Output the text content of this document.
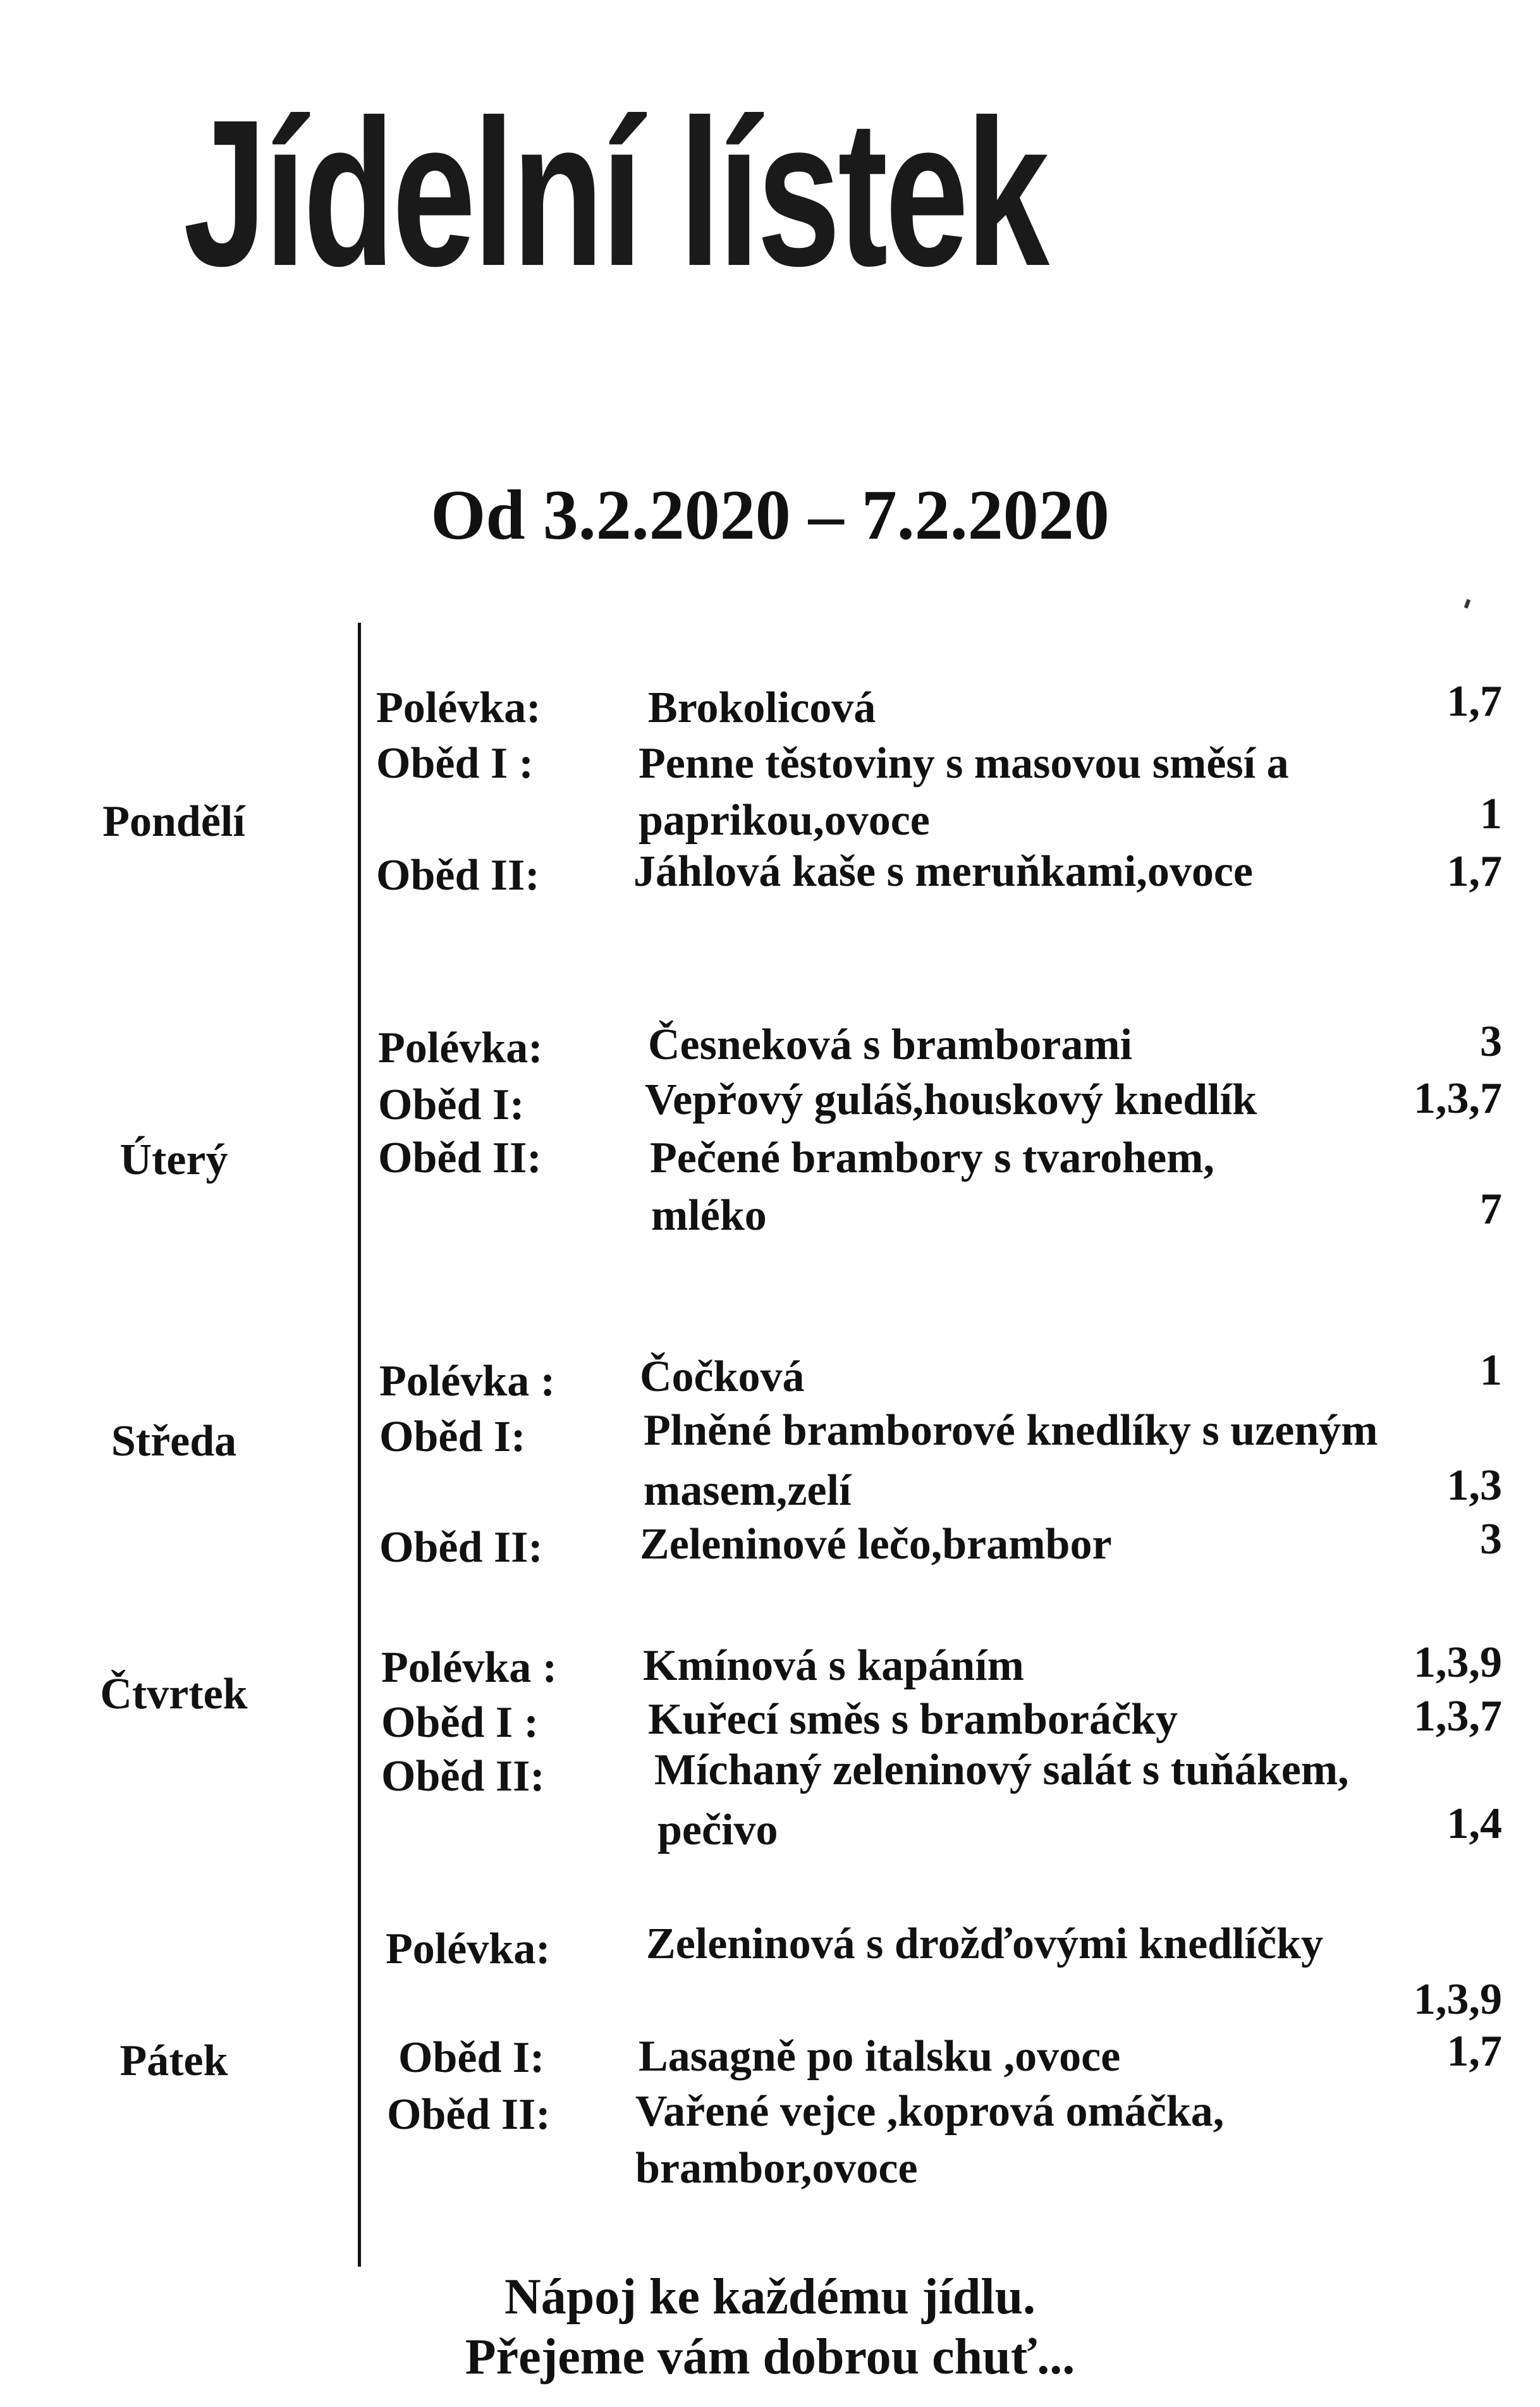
Jídelní lístek
Od 3.2.2020 – 7.2.2020
Pondělí
Polévka: Brokolicová	1,7
Oběd I : Penne těstoviny s masovou směsí a
paprikou,ovoce	1
Oběd II: Jáhlová kaše s meruňkami,ovoce	1,7
Úterý
Polévka: Česneková s bramborami	3
Oběd I:	Vepřový guláš,houskový knedlík	1,3,7
Oběd II: Pečené brambory s tvarohem,
mléko	7
Středa
Polévka : Čočková	1
Oběd I:	Plněné bramborové knedlíky s uzeným
masem,zelí	1,3
Oběd II: Zeleninové lečo,brambor	3
Čtvrtek
Polévka : Kmínová s kapáním	1,3,9
Oběd I : Kuřecí směs s bramboráčky	1,3,7
Oběd II: Míchaný zeleninový salát s tuňákem,
pečivo	1,4
Pátek
Polévka: Zeleninová s drožďovými knedlíčky
1,3,9
Oběd I: Lasagně po italsku ,ovoce	1,7
Oběd II: Vařené vejce ,koprová omáčka,
brambor,ovoce
Nápoj ke každému jídlu.
Přejeme vám dobrou chuť...
